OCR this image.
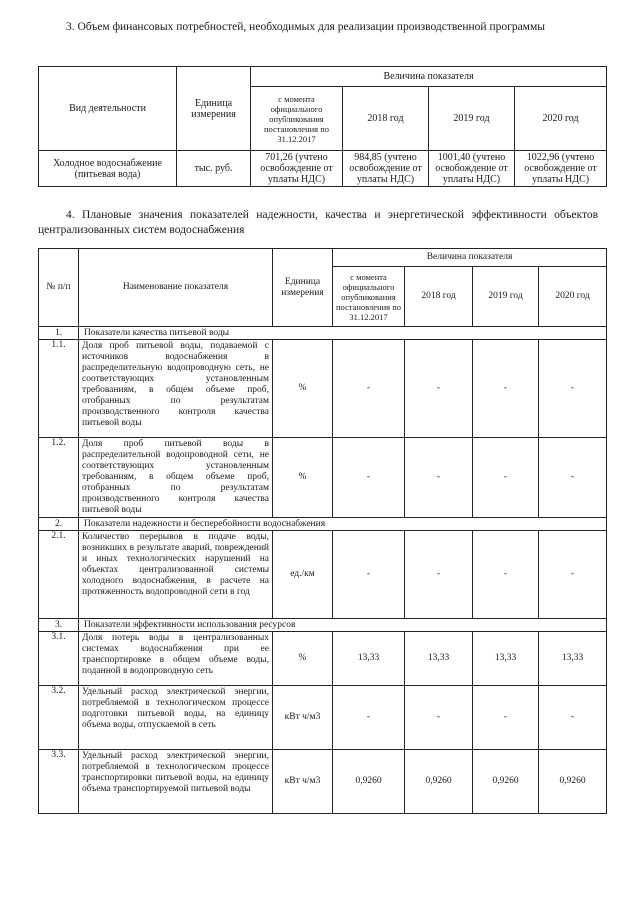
3. Объем финансовых потребностей, необходимых для реализации производственной программы
Вид деятельности	Единица измерения	Величина показателя			
		с момента официального опубликования постановления по 31.12.2017	2018 год	2019 год	2020 год
Холодное водоснабжение (питьевая вода)	тыс. руб.	701,26 (учтено освобождение от уплаты НДС)	984,85 (учтено освобождение от уплаты НДС)	1001,40 (учтено освобождение от уплаты НДС)	1022,96 (учтено освобождение от уплаты НДС)
4. Плановые значения показателей надежности, качества и энергетической эффективности объектов централизованных систем водоснабжения
№ п/п	Наименование показателя	Единица измерения	Величина показателя			
			с момента официального опубликования постановления по 31.12.2017	2018 год	2019 год	2020 год
1.	Показатели качества питьевой воды					
1.1.	Доля проб питьевой воды, подаваемой с источников водоснабжения в распределительную водопроводную сеть, не соответствующих установленным требованиям, в общем объеме проб, отобранных по результатам производственного контроля качества питьевой воды	%	-	-	-	-
1.2.	Доля проб питьевой воды в распределительной водопроводной сети, не соответствующих установленным требованиям, в общем объеме проб, отобранных по результатам производственного контроля качества питьевой воды	%	-	-	-	-
2.	Показатели надежности и бесперебойности водоснабжения					
2.1.	Количество перерывов в подаче воды, возникших в результате аварий, повреждений и иных технологических нарушений на объектах централизованной системы холодного водоснабжения, в расчете на протяженность водопроводной сети в год	ед./км	-	-	-	-
3.	Показатели эффективности использования ресурсов					
3.1.	Доля потерь воды в централизованных системах водоснабжения при ее транспортировке в общем объеме воды, поданной в водопроводную сеть	%	13,33	13,33	13,33	13,33
3.2.	Удельный расход электрической энергии, потребляемой в технологическом процессе подготовки питьевой воды, на единицу объема воды, отпускаемой в сеть	кВт ч/м3	-	-	-	-
3.3.	Удельный расход электрической энергии, потребляемой в технологическом процессе транспортировки питьевой воды, на единицу объема транспортируемой питьевой воды	кВт ч/м3	0,9260	0,9260	0,9260	0,9260
